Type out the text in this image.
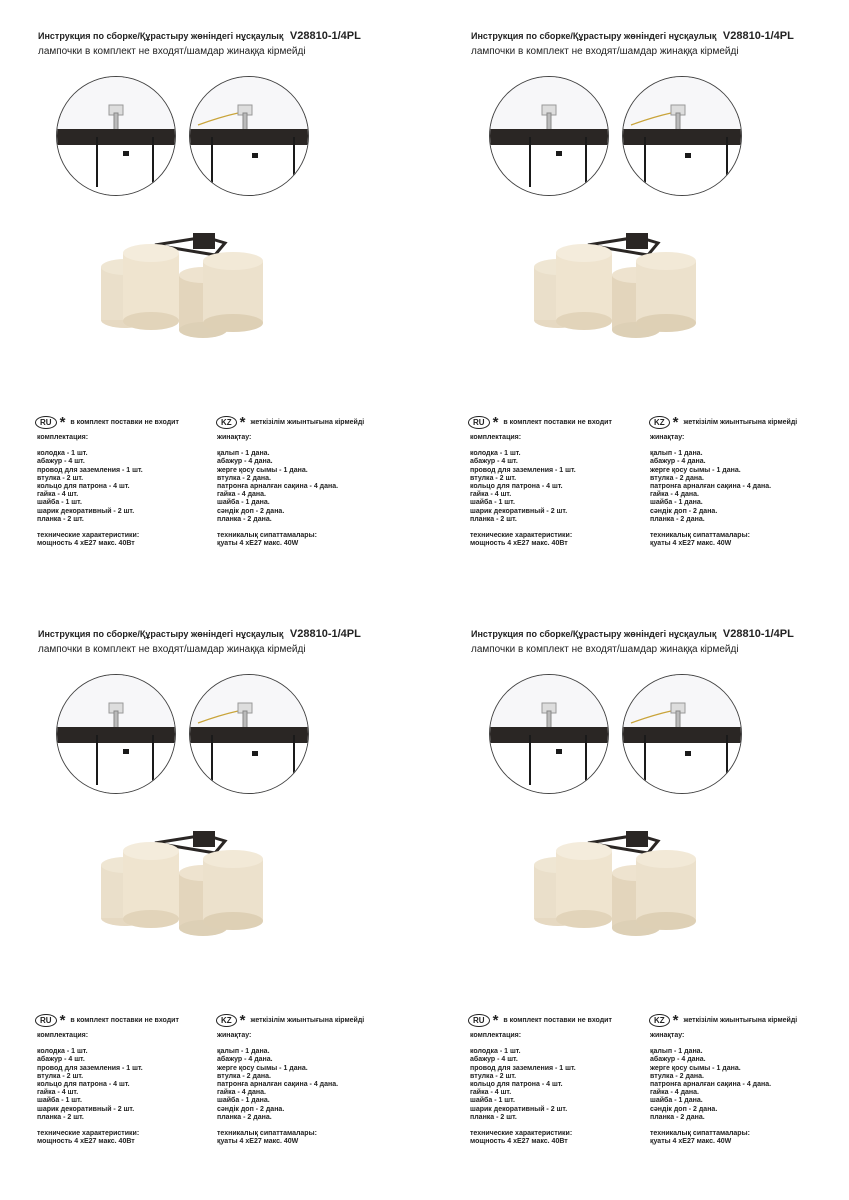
Инструкция по сборке/Құрастыру жөніндегі нұсқаулық V28810-1/4PL
лампочки в комплект не входят/шамдар жинаққа кірмейді
RU * в комплект поставки не входит	KZ * жеткізілім жиынтығына кірмейді
комплектация:
колодка - 1 шт.
абажур - 4 шт.
провод для заземления - 1 шт.
втулка - 2 шт.
кольцо для патрона - 4 шт.
гайка - 4 шт.
шайба - 1 шт.
шарик декоративный - 2 шт.
планка - 2 шт.
технические характеристики:
мощность 4 хЕ27 макс. 40Вт
жинақтау:
қалып - 1 дана.
абажур - 4 дана.
жерге қосу сымы - 1 дана.
втулка - 2 дана.
патронға арналған сақина - 4 дана.
гайка - 4 дана.
шайба - 1 дана.
сәндік доп - 2 дана.
планка - 2 дана.
техникалық сипаттамалары:
қуаты 4 хЕ27 макс. 40W
Инструкция по сборке/Құрастыру жөніндегі нұсқаулық V28810-1/4PL
лампочки в комплект не входят/шамдар жинаққа кірмейді
RU * в комплект поставки не входит	KZ * жеткізілім жиынтығына кірмейді
комплектация:
колодка - 1 шт.
абажур - 4 шт.
провод для заземления - 1 шт.
втулка - 2 шт.
кольцо для патрона - 4 шт.
гайка - 4 шт.
шайба - 1 шт.
шарик декоративный - 2 шт.
планка - 2 шт.
технические характеристики:
мощность 4 хЕ27 макс. 40Вт
жинақтау:
қалып - 1 дана.
абажур - 4 дана.
жерге қосу сымы - 1 дана.
втулка - 2 дана.
патронға арналған сақина - 4 дана.
гайка - 4 дана.
шайба - 1 дана.
сәндік доп - 2 дана.
планка - 2 дана.
техникалық сипаттамалары:
қуаты 4 хЕ27 макс. 40W
Инструкция по сборке/Құрастыру жөніндегі нұсқаулық V28810-1/4PL
лампочки в комплект не входят/шамдар жинаққа кірмейді
RU * в комплект поставки не входит	KZ * жеткізілім жиынтығына кірмейді
комплектация:
колодка - 1 шт.
абажур - 4 шт.
провод для заземления - 1 шт.
втулка - 2 шт.
кольцо для патрона - 4 шт.
гайка - 4 шт.
шайба - 1 шт.
шарик декоративный - 2 шт.
планка - 2 шт.
технические характеристики:
мощность 4 хЕ27 макс. 40Вт
жинақтау:
қалып - 1 дана.
абажур - 4 дана.
жерге қосу сымы - 1 дана.
втулка - 2 дана.
патронға арналған сақина - 4 дана.
гайка - 4 дана.
шайба - 1 дана.
сәндік доп - 2 дана.
планка - 2 дана.
техникалық сипаттамалары:
қуаты 4 хЕ27 макс. 40W
Инструкция по сборке/Құрастыру жөніндегі нұсқаулық V28810-1/4PL
лампочки в комплект не входят/шамдар жинаққа кірмейді
RU * в комплект поставки не входит	KZ * жеткізілім жиынтығына кірмейді
комплектация:
колодка - 1 шт.
абажур - 4 шт.
провод для заземления - 1 шт.
втулка - 2 шт.
кольцо для патрона - 4 шт.
гайка - 4 шт.
шайба - 1 шт.
шарик декоративный - 2 шт.
планка - 2 шт.
технические характеристики:
мощность 4 хЕ27 макс. 40Вт
жинақтау:
қалып - 1 дана.
абажур - 4 дана.
жерге қосу сымы - 1 дана.
втулка - 2 дана.
патронға арналған сақина - 4 дана.
гайка - 4 дана.
шайба - 1 дана.
сәндік доп - 2 дана.
планка - 2 дана.
техникалық сипаттамалары:
қуаты 4 хЕ27 макс. 40W
